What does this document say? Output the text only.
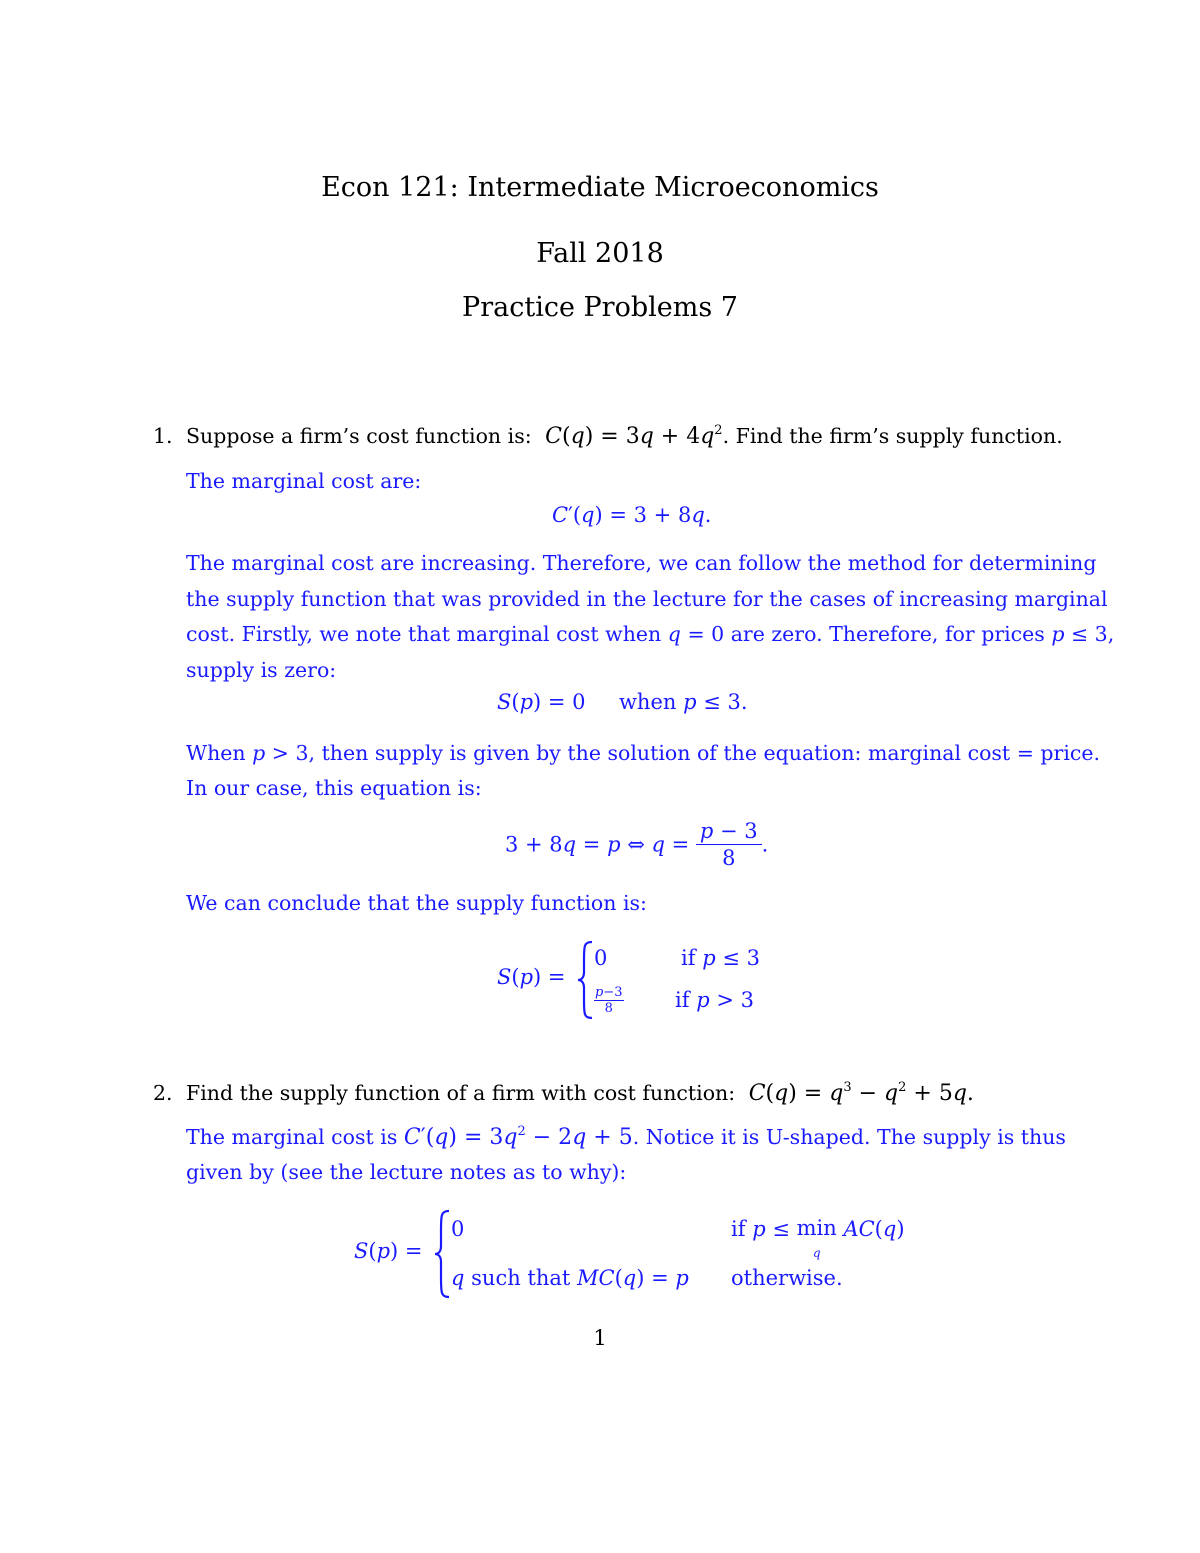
Econ 121: Intermediate Microeconomics
Fall 2018
Practice Problems 7
1. Suppose a firm’s cost function is: $C(q) = 3q + 4q^2$. Find the firm’s supply function.
The marginal cost are:
C′(q) = 3 + 8q.
The marginal cost are increasing. Therefore, we can follow the method for determining
the supply function that was provided in the lecture for the cases of increasing marginal
cost. Firstly, we note that marginal cost when q = 0 are zero. Therefore, for prices p ≤ 3,
supply is zero:
S(p) = 0     when p ≤ 3.
When p > 3, then supply is given by the solution of the equation: marginal cost = price.
In our case, this equation is:
3 + 8q = p ⇔ $q = \frac{p - 3}{8}$ .
We can conclude that the supply function is:
S(p) =
0	if p ≤ 3
$\frac{p-3}{8}$ if p > 3
2. Find the supply function of a firm with cost function: $C(q) = q^3 - q^2 + 5q$.
The marginal cost is $C'(q) = 3q^2 - 2q + 5$. Notice it is U-shaped. The supply is thus
given by (see the lecture notes as to why):
S(p) =
0	if p ≤ min
q AC(q)
q such that MC(q) = p otherwise.
1
